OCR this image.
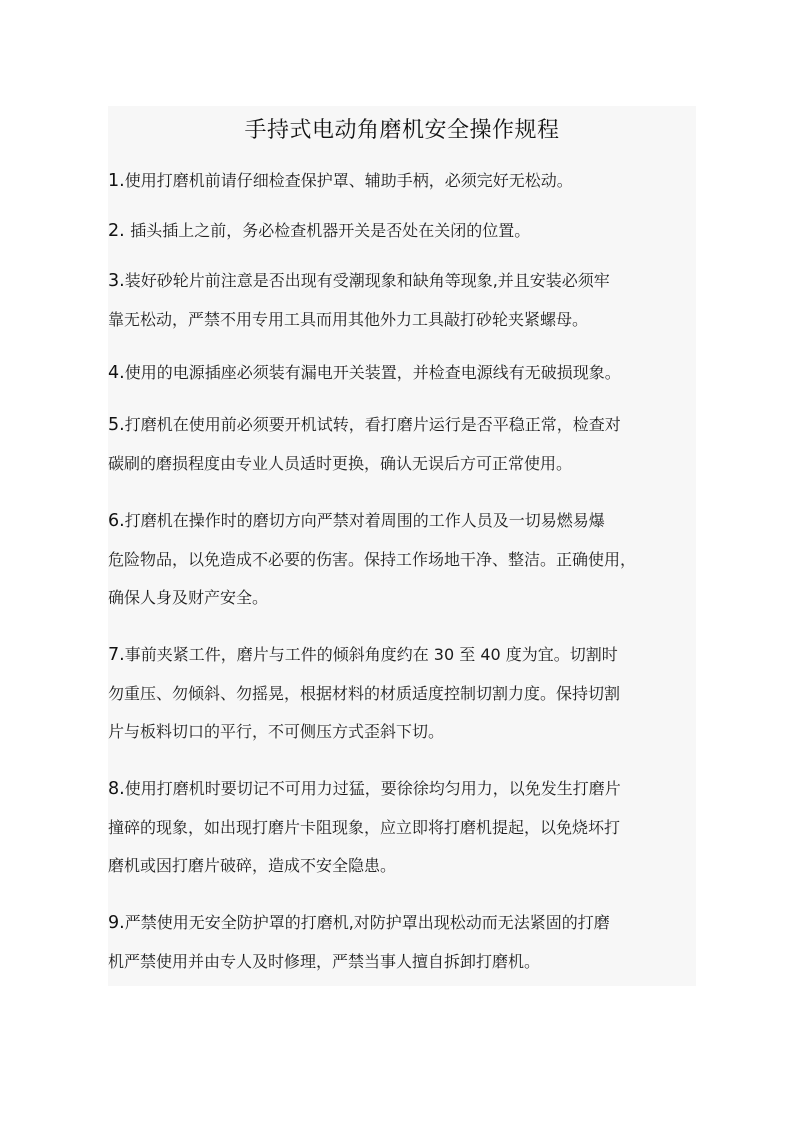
手持式电动角磨机安全操作规程
1.使用打磨机前请仔细检查保护罩、辅助手柄，必须完好无松动。
2. 插头插上之前，务必检查机器开关是否处在关闭的位置。
3.装好砂轮片前注意是否出现有受潮现象和缺角等现象,并且安装必须牢
靠无松动，严禁不用专用工具而用其他外力工具敲打砂轮夹紧螺母。
4.使用的电源插座必须装有漏电开关装置，并检查电源线有无破损现象。
5.打磨机在使用前必须要开机试转，看打磨片运行是否平稳正常，检查对
碳刷的磨损程度由专业人员适时更换，确认无误后方可正常使用。
6.打磨机在操作时的磨切方向严禁对着周围的工作人员及一切易燃易爆
危险物品，以免造成不必要的伤害。保持工作场地干净、整洁。正确使用，
确保人身及财产安全。
7.事前夹紧工件，磨片与工件的倾斜角度约在 30 至 40 度为宜。切割时
勿重压、勿倾斜、勿摇晃，根据材料的材质适度控制切割力度。保持切割
片与板料切口的平行，不可侧压方式歪斜下切。
8.使用打磨机时要切记不可用力过猛，要徐徐均匀用力，以免发生打磨片
撞碎的现象，如出现打磨片卡阻现象，应立即将打磨机提起，以免烧坏打
磨机或因打磨片破碎，造成不安全隐患。
9.严禁使用无安全防护罩的打磨机,对防护罩出现松动而无法紧固的打磨
机严禁使用并由专人及时修理，严禁当事人擅自拆卸打磨机。
